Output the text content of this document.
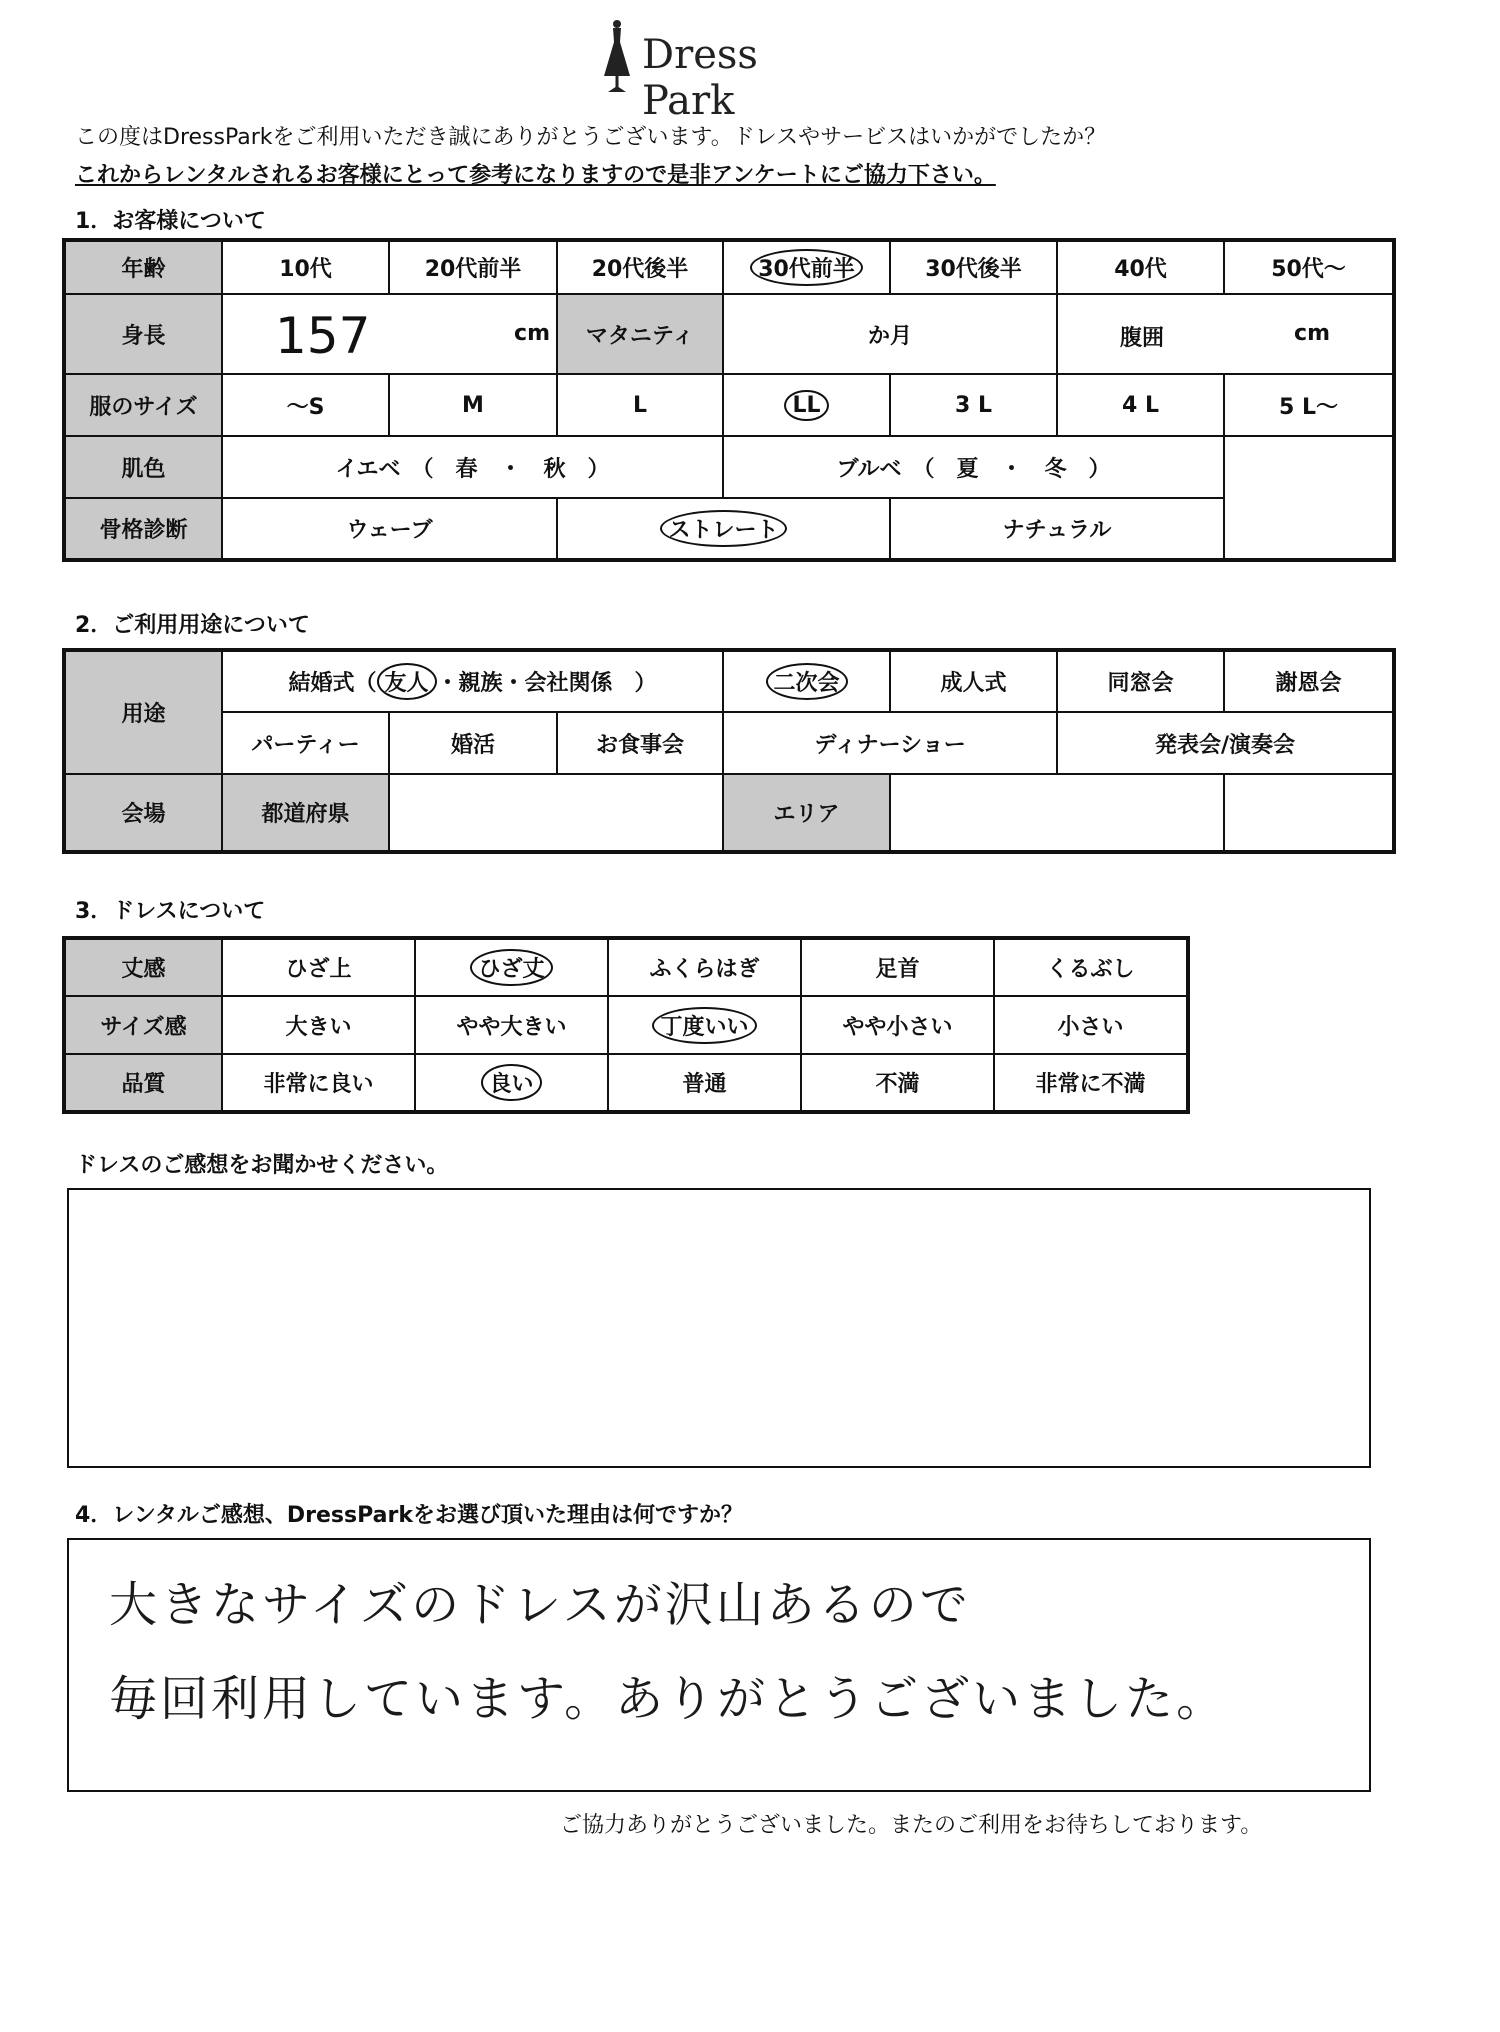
Dress Park
この度はDressParkをご利用いただき誠にありがとうございます。ドレスやサービスはいかがでしたか？
これからレンタルされるお客様にとって参考になりますので是非アンケートにご協力下さい。
1．お客様について
年齢	10代	20代前半	20代後半	30代前半	30代後半	40代	50代〜
身長	157 cm		マタニティ	か月		腹囲 cm	

服のサイズ	〜S	M	L	LL	3 L	4 L	5 L〜
肌色	イエベ　（　春　・　秋　）			ブルベ　（　夏　・　冬　）			
骨格診断	ウェーブ		ストレート		ナチュラル		
2．ご利用用途について
用途	結婚式（ 友人 ・親族・会社関係　）			二次会	成人式	同窓会	謝恩会
	パーティー	婚活	お食事会	ディナーショー		発表会/演奏会	
会場	都道府県			エリア			
3．ドレスについて
丈感	ひざ上	ひざ丈	ふくらはぎ	足首	くるぶし
サイズ感	大きい	やや大きい	丁度いい	やや小さい	小さい
品質	非常に良い	良い	普通	不満	非常に不満
ドレスのご感想をお聞かせください。
4．レンタルご感想、DressParkをお選び頂いた理由は何ですか？
大きなサイズのドレスが沢山あるので
毎回利用しています。ありがとうございました。
ご協力ありがとうございました。またのご利用をお待ちしております。
